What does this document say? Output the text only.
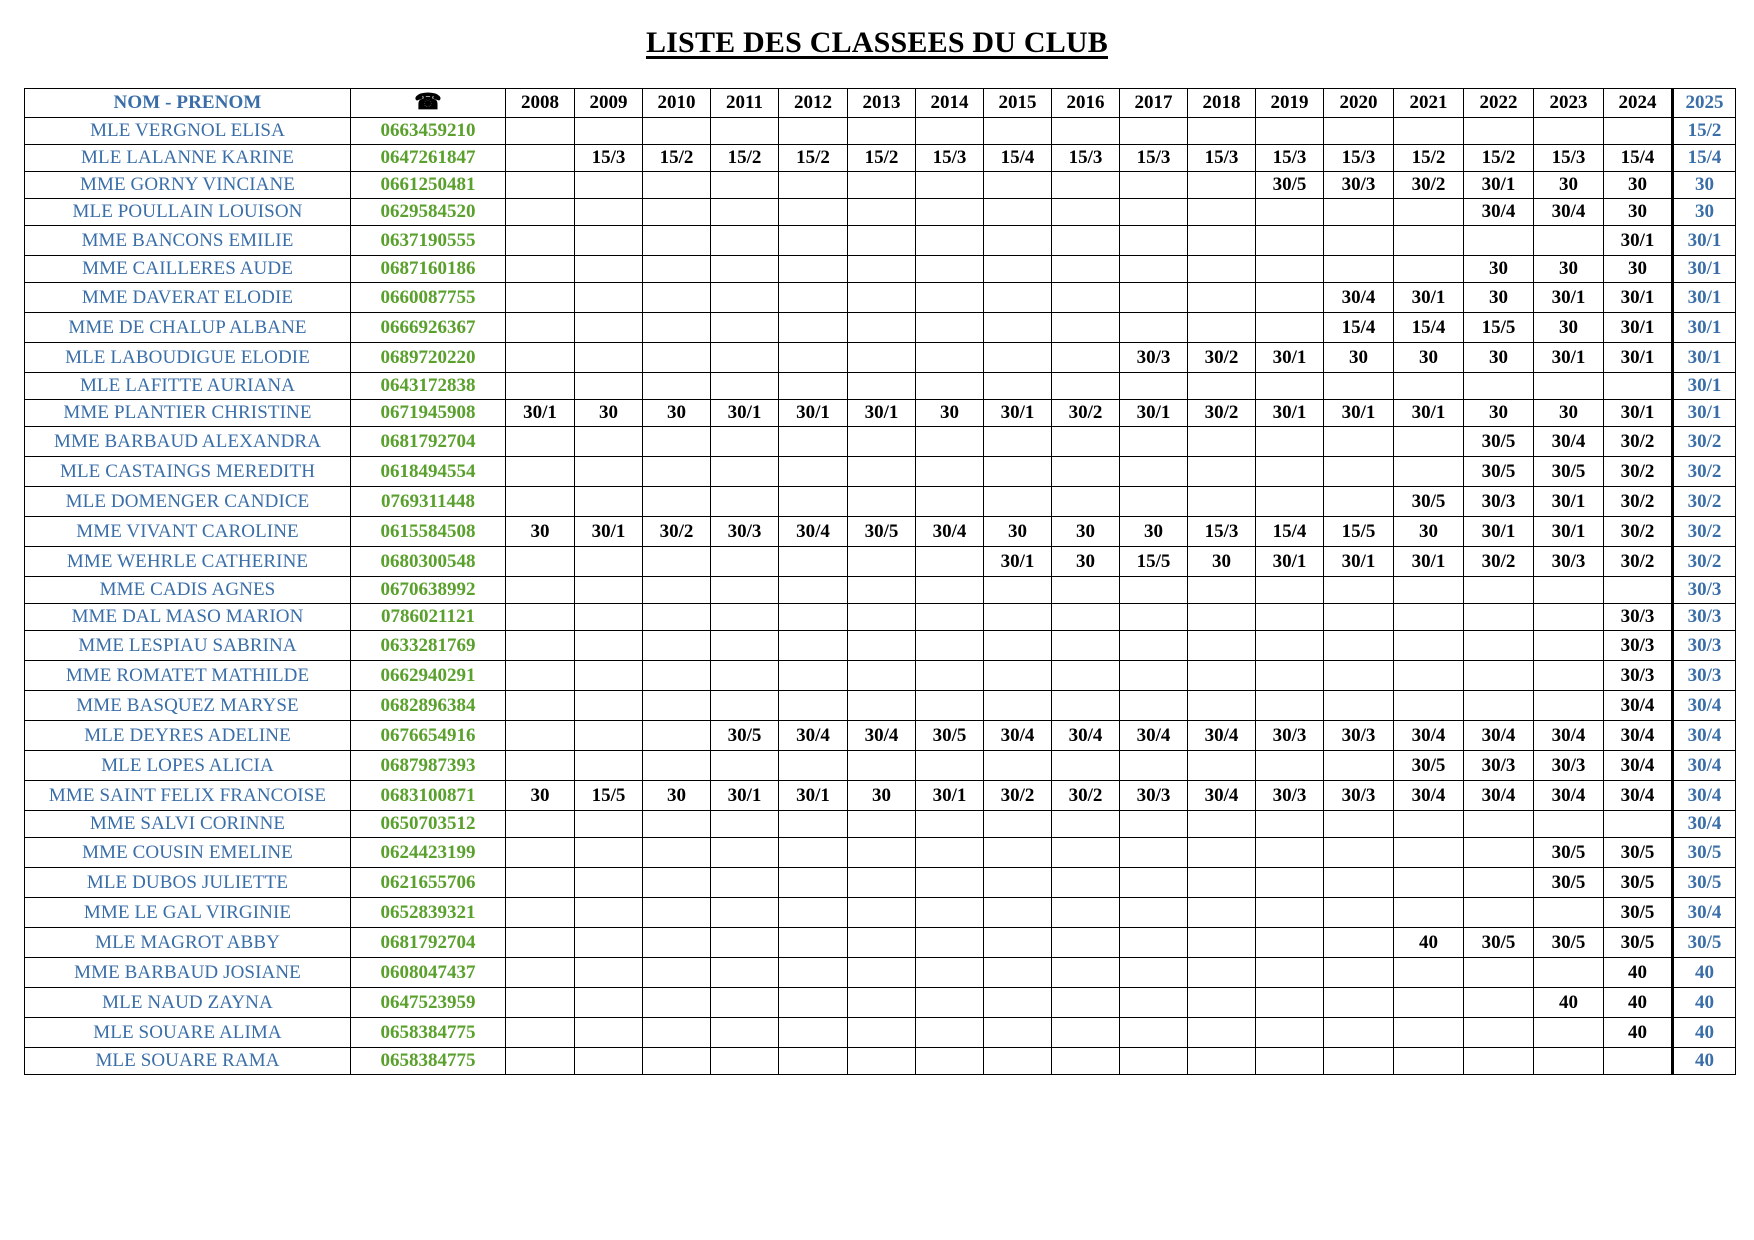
LISTE DES CLASSEES DU CLUB
NOM - PRENOM	☎	2008	2009	2010	2011	2012	2013	2014	2015	2016	2017	2018	2019	2020	2021	2022	2023	2024	2025
MLE VERGNOL ELISA	0663459210																		15/2
MLE LALANNE KARINE	0647261847		15/3	15/2	15/2	15/2	15/2	15/3	15/4	15/3	15/3	15/3	15/3	15/3	15/2	15/2	15/3	15/4	15/4
MME GORNY VINCIANE	0661250481												30/5	30/3	30/2	30/1	30	30	30
MLE POULLAIN LOUISON	0629584520															30/4	30/4	30	30
MME BANCONS EMILIE	0637190555																	30/1	30/1
MME CAILLERES AUDE	0687160186															30	30	30	30/1
MME DAVERAT ELODIE	0660087755													30/4	30/1	30	30/1	30/1	30/1
MME DE CHALUP ALBANE	0666926367													15/4	15/4	15/5	30	30/1	30/1
MLE LABOUDIGUE ELODIE	0689720220										30/3	30/2	30/1	30	30	30	30/1	30/1	30/1
MLE LAFITTE AURIANA	0643172838																		30/1
MME PLANTIER CHRISTINE	0671945908	30/1	30	30	30/1	30/1	30/1	30	30/1	30/2	30/1	30/2	30/1	30/1	30/1	30	30	30/1	30/1
MME BARBAUD ALEXANDRA	0681792704															30/5	30/4	30/2	30/2
MLE CASTAINGS MEREDITH	0618494554															30/5	30/5	30/2	30/2
MLE DOMENGER CANDICE	0769311448														30/5	30/3	30/1	30/2	30/2
MME VIVANT CAROLINE	0615584508	30	30/1	30/2	30/3	30/4	30/5	30/4	30	30	30	15/3	15/4	15/5	30	30/1	30/1	30/2	30/2
MME WEHRLE CATHERINE	0680300548								30/1	30	15/5	30	30/1	30/1	30/1	30/2	30/3	30/2	30/2
MME CADIS AGNES	0670638992																		30/3
MME DAL MASO MARION	0786021121																	30/3	30/3
MME LESPIAU SABRINA	0633281769																	30/3	30/3
MME ROMATET MATHILDE	0662940291																	30/3	30/3
MME BASQUEZ MARYSE	0682896384																	30/4	30/4
MLE DEYRES ADELINE	0676654916				30/5	30/4	30/4	30/5	30/4	30/4	30/4	30/4	30/3	30/3	30/4	30/4	30/4	30/4	30/4
MLE LOPES ALICIA	0687987393														30/5	30/3	30/3	30/4	30/4
MME SAINT FELIX FRANCOISE	0683100871	30	15/5	30	30/1	30/1	30	30/1	30/2	30/2	30/3	30/4	30/3	30/3	30/4	30/4	30/4	30/4	30/4
MME SALVI CORINNE	0650703512																		30/4
MME COUSIN EMELINE	0624423199																30/5	30/5	30/5
MLE DUBOS JULIETTE	0621655706																30/5	30/5	30/5
MME LE GAL VIRGINIE	0652839321																	30/5	30/4
MLE MAGROT ABBY	0681792704														40	30/5	30/5	30/5	30/5
MME BARBAUD JOSIANE	0608047437																	40	40
MLE NAUD ZAYNA	0647523959																40	40	40
MLE SOUARE ALIMA	0658384775																	40	40
MLE SOUARE RAMA	0658384775																		40
